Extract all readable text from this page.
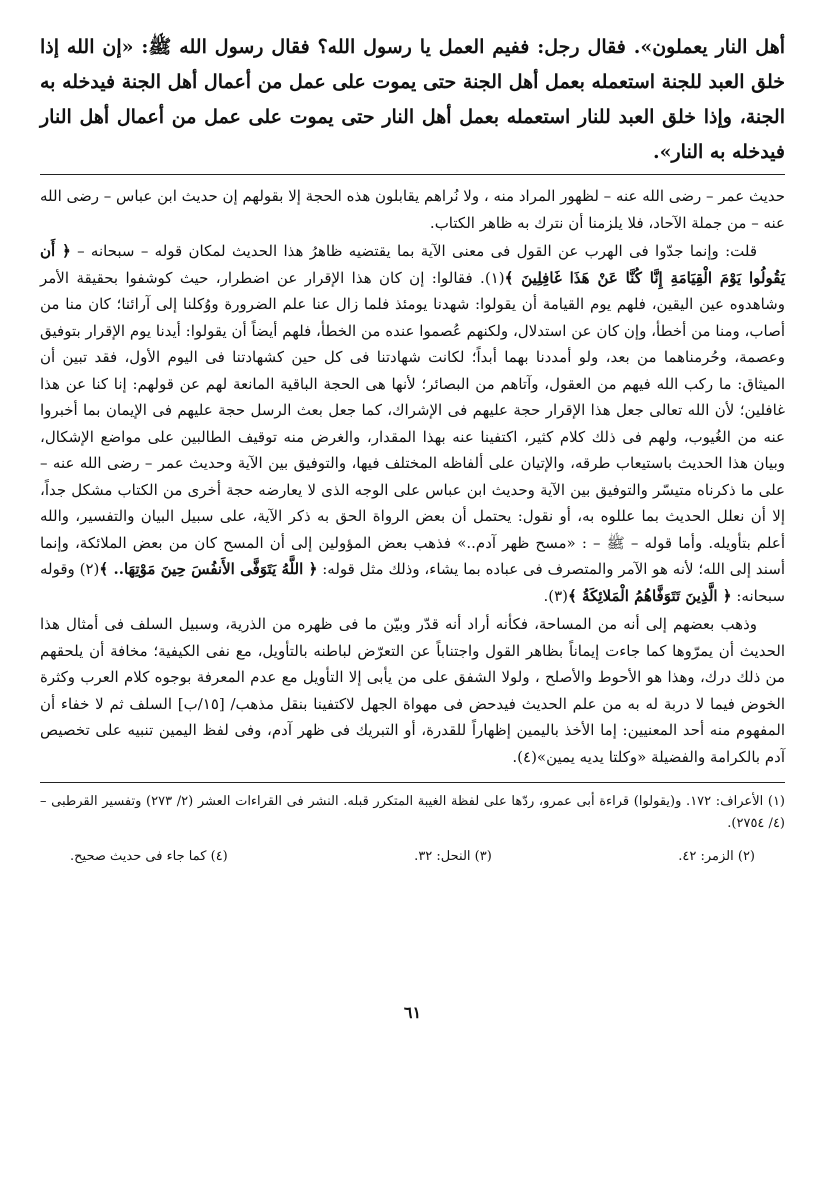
أهل النار يعملون». فقال رجل: ففيم العمل يا رسول الله؟ فقال رسول الله ﷺ: «إن الله إذا خلق العبد للجنة استعمله بعمل أهل الجنة حتى يموت على عمل من أعمال أهل الجنة فيدخله به الجنة، وإذا خلق العبد للنار استعمله بعمل أهل النار حتى يموت على عمل من أعمال أهل النار فيدخله به النار».

حديث عمر – رضى الله عنه – لظهور المراد منه ، ولا نُراهم يقابلون هذه الحجة إلا بقولهم إن حديث ابن عباس – رضى الله عنه – من جملة الآحاد، فلا يلزمنا أن نترك به ظاهر الكتاب.

قلت: وإنما جدّوا فى الهرب عن القول فى معنى الآية بما يقتضيه ظاهرُ هذا الحديث لمكان قوله – سبحانه – ﴿ أَن يَقُولُوا يَوْمَ الْقِيَامَةِ إِنَّا كُنَّا عَنْ هَذَا غَافِلِينَ ﴾(١). فقالوا: إن كان هذا الإقرار عن اضطرار، حيث كوشفوا بحقيقة الأمر وشاهدوه عين اليقين، فلهم يوم القيامة أن يقولوا: شهدنا يومئذ فلما زال عنا علم الضرورة ووُكلنا إلى آرائنا؛ كان منا من أصاب، ومنا من أخطأ، وإن كان عن استدلال، ولكنهم عُصموا عنده من الخطأ، فلهم أيضاً أن يقولوا: أيدنا يوم الإقرار بتوفيق وعصمة، وحُرمناهما من بعد، ولو أمددنا بهما أبداً؛ لكانت شهادتنا فى كل حين كشهادتنا فى اليوم الأول، فقد تبين أن الميثاق: ما ركب الله فيهم من العقول، وآتاهم من البصائر؛ لأنها هى الحجة الباقية المانعة لهم عن قولهم: إنا كنا عن هذا غافلين؛ لأن الله تعالى جعل هذا الإقرار حجة عليهم فى الإشراك، كما جعل بعث الرسل حجة عليهم فى الإيمان بما أخبروا عنه من الغُيوب، ولهم فى ذلك كلام كثير، اكتفينا عنه بهذا المقدار، والغرض منه توقيف الطالبين على مواضع الإشكال، وبيان هذا الحديث باستيعاب طرقه، والإتيان على ألفاظه المختلف فيها، والتوفيق بين الآية وحديث عمر – رضى الله عنه – على ما ذكرناه متيسّر والتوفيق بين الآية وحديث ابن عباس على الوجه الذى لا يعارضه حجة أخرى من الكتاب مشكل جداً، إلا أن نعلل الحديث بما عللوه به، أو نقول: يحتمل أن بعض الرواة الحق به ذكر الآية، على سبيل البيان والتفسير، والله أعلم بتأويله. وأما قوله – ﷺ – : «مسح ظهر آدم..» فذهب بعض المؤولين إلى أن المسح كان من بعض الملائكة، وإنما أسند إلى الله؛ لأنه هو الآمر والمتصرف فى عباده بما يشاء، وذلك مثل قوله: ﴿ اللَّهُ يَتَوَفَّى الأَنفُسَ حِينَ مَوْتِهَا.. ﴾(٢) وقوله سبحانه: ﴿ الَّذِينَ تَتَوَفَّاهُمُ الْمَلائِكَةُ ﴾(٣).

وذهب بعضهم إلى أنه من المساحة، فكأنه أراد أنه قدّر وبيّن ما فى ظهره من الذرية، وسبيل السلف فى أمثال هذا الحديث أن يمرّوها كما جاءت إيماناً بظاهر القول واجتناباً عن التعرّض لباطنه بالتأويل، مع نفى الكيفية؛ مخافة أن يلحقهم من ذلك درك، وهذا هو الأحوط والأصلح ، ولولا الشفق على من يأبى إلا التأويل مع عدم المعرفة بوجوه كلام العرب وكثرة الخوض فيما لا دربة له به من علم الحديث فيدحض فى مهواة الجهل لاكتفينا بنقل مذهب/ [١٥/ب] السلف ثم لا خفاء أن المفهوم منه أحد المعنيين: إما الأخذ باليمين إظهاراً للقدرة، أو التبريك فى ظهر آدم، وفى لفظ اليمين تنبيه على تخصيص آدم بالكرامة والفضيلة «وكلتا يديه يمين»(٤).

(١) الأعراف: ١٧٢. و(يقولوا) قراءة أبى عمرو، ردّها على لفظة الغيبة المتكرر قبله. النشر فى القراءات العشر (٢/ ٢٧٣) وتفسير القرطبى –(٤/ ٢٧٥٤).

(٢) الزمر: ٤٢.
(٣) النحل: ٣٢.
(٤) كما جاء فى حديث صحيح.
٦١
